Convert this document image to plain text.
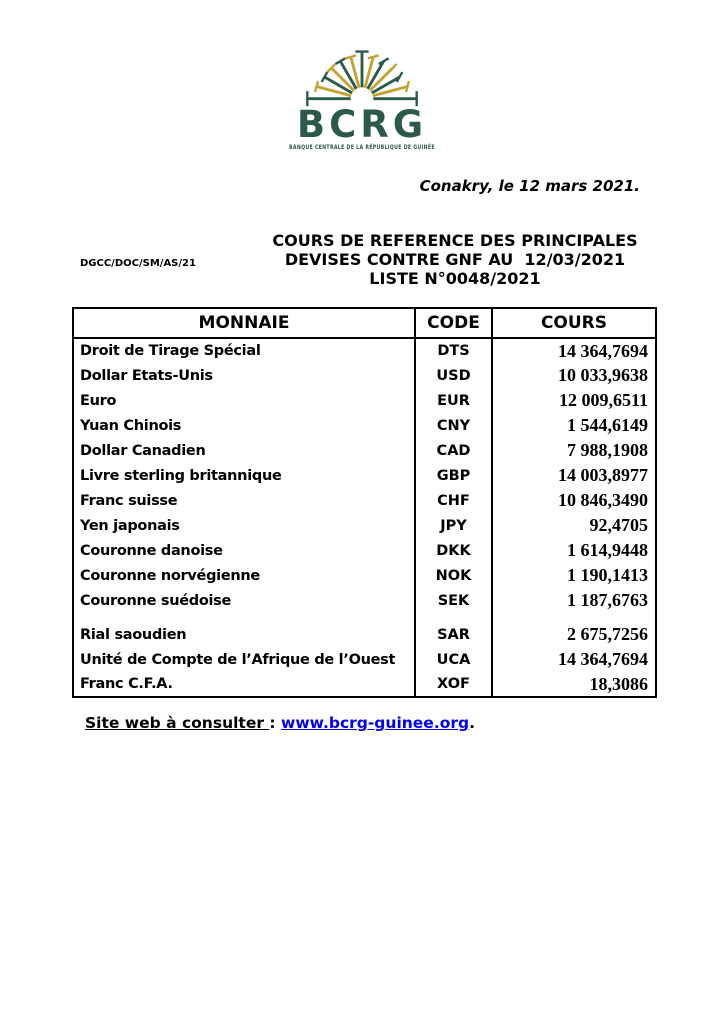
BCRG
BANQUE CENTRALE DE LA RÉPUBLIQUE DE GUINÉE
Conakry, le 12 mars 2021.
DGCC/DOC/SM/AS/21
COURS DE REFERENCE DES PRINCIPALES
DEVISES CONTRE GNF AU  12/03/2021
LISTE N°0048/2021
MONNAIE	CODE	COURS
Droit de Tirage Spécial	DTS	14 364,7694
Dollar Etats-Unis	USD	10 033,9638
Euro	EUR	12 009,6511
Yuan Chinois	CNY	1 544,6149
Dollar Canadien	CAD	7 988,1908
Livre sterling britannique	GBP	14 003,8977
Franc suisse	CHF	10 846,3490
Yen japonais	JPY	92,4705
Couronne danoise	DKK	1 614,9448
Couronne norvégienne	NOK	1 190,1413
Couronne suédoise	SEK	1 187,6763
Rial saoudien	SAR	2 675,7256
Unité de Compte de l’Afrique de l’Ouest	UCA	14 364,7694
Franc C.F.A.	XOF	18,3086
Site web à consulter : www.bcrg-guinee.org.
